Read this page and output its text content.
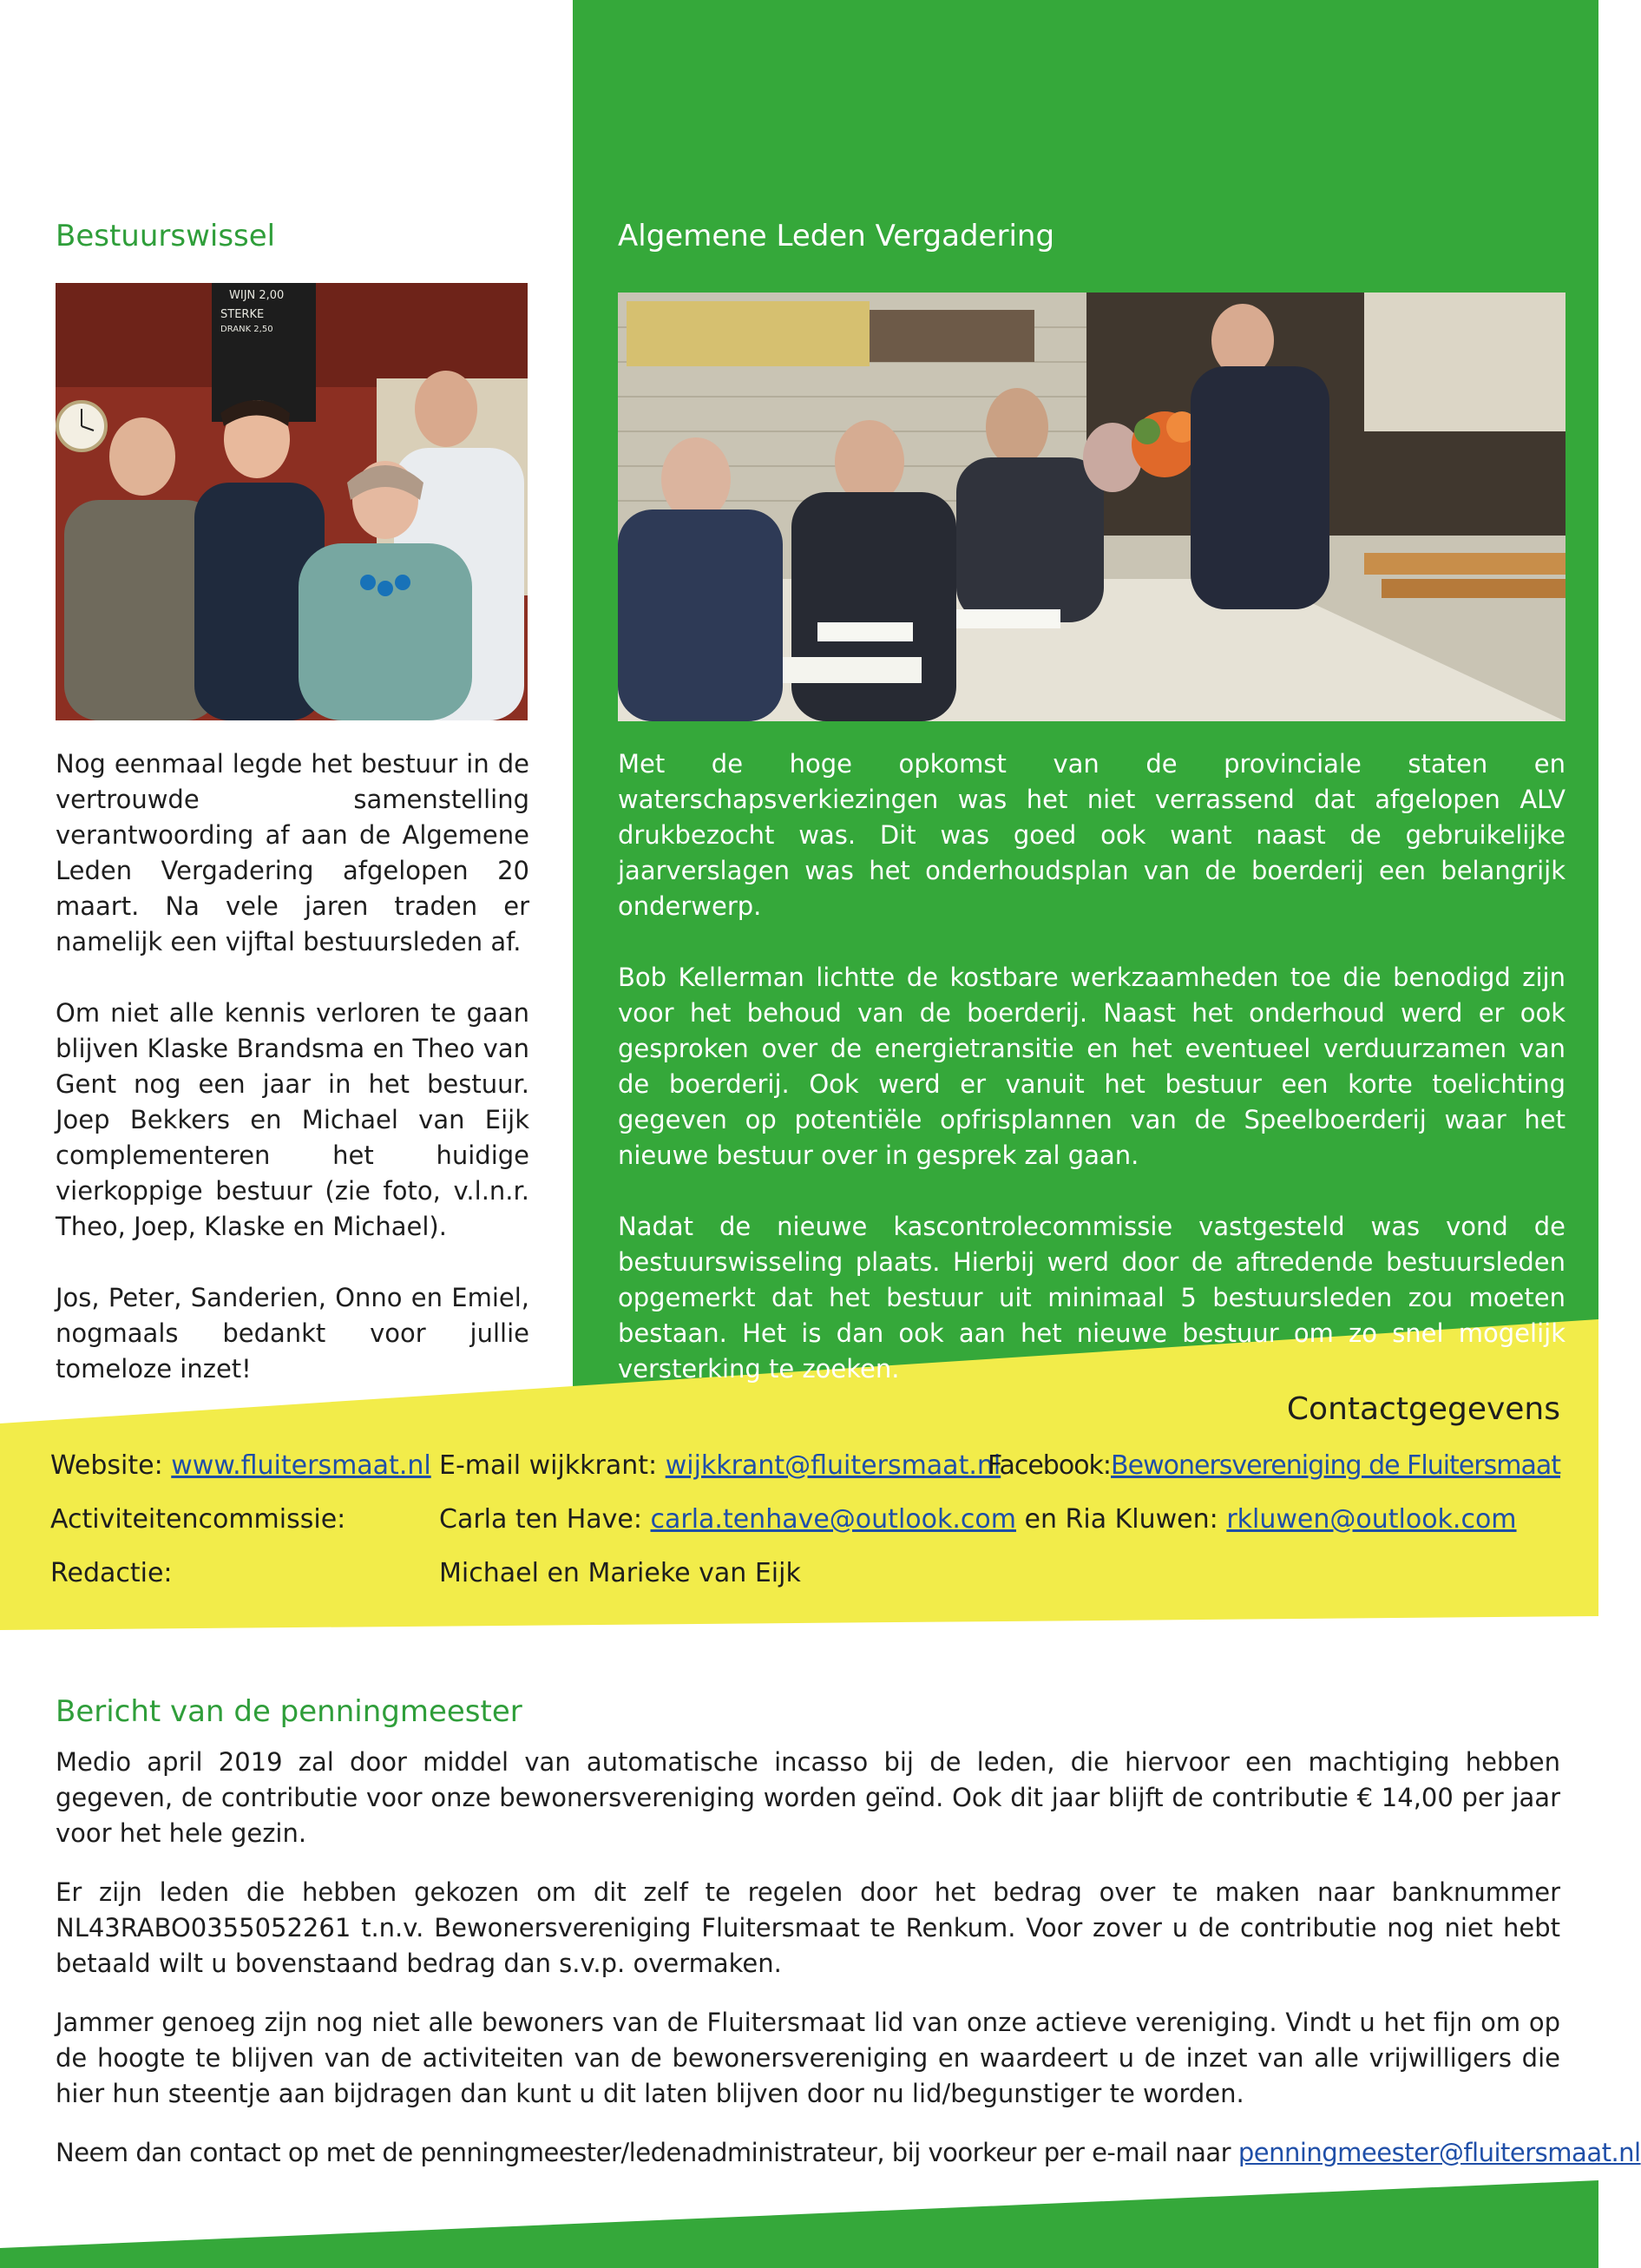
Bestuurswissel
WIJN 2,00
STERKE
DRANK 2,50

Nog eenmaal legde het bestuur in de vertrouwde samenstelling verantwoording af aan de Algemene Leden Vergadering afgelopen 20 maart. Na vele jaren traden er namelijk een vijftal bestuursleden af.

Om niet alle kennis verloren te gaan blijven Klaske Brandsma en Theo van Gent nog een jaar in het bestuur. Joep Bekkers en Michael van Eijk complementeren het huidige vierkoppige bestuur (zie foto, v.l.n.r. Theo, Joep, Klaske en Michael).

Jos, Peter, Sanderien, Onno en Emiel, nogmaals bedankt voor jullie tomeloze inzet!

Algemene Leden Vergadering

Met de hoge opkomst van de provinciale staten en waterschapsverkiezingen was het niet verrassend dat afgelopen ALV drukbezocht was. Dit was goed ook want naast de gebruikelijke jaarverslagen was het onderhoudsplan van de boerderij een belangrijk onderwerp.

Bob Kellerman lichtte de kostbare werkzaamheden toe die benodigd zijn voor het behoud van de boerderij. Naast het onderhoud werd er ook gesproken over de energietransitie en het eventueel verduurzamen van de boerderij. Ook werd er vanuit het bestuur een korte toelichting gegeven op potentiële opfrisplannen van de Speelboerderij waar het nieuwe bestuur over in gesprek zal gaan.

Nadat de nieuwe kascontrolecommissie vastgesteld was vond de bestuurswisseling plaats. Hierbij werd door de aftredende bestuursleden opgemerkt dat het bestuur uit minimaal 5 bestuursleden zou moeten bestaan. Het is dan ook aan het nieuwe bestuur om zo snel mogelijk versterking te zoeken.

Contactgegevens
Website: www.fluitersmaat.nl E-mail wijkkrant: wijkkrant@fluitersmaat.nl
Facebook:Bewonersvereniging de Fluitersmaat
Activiteitencommissie:	Carla ten Have: carla.tenhave@outlook.com en Ria Kluwen: rkluwen@outlook.com
Redactie:	Michael en Marieke van Eijk
Bericht van de penningmeester

Medio april 2019 zal door middel van automatische incasso bij de leden, die hiervoor een machtiging hebben gegeven, de contributie voor onze bewonersvereniging worden geïnd. Ook dit jaar blijft de contributie € 14,00 per jaar voor het hele gezin.

Er zijn leden die hebben gekozen om dit zelf te regelen door het bedrag over te maken naar banknummer NL43RABO0355052261 t.n.v. Bewonersvereniging Fluitersmaat te Renkum. Voor zover u de contributie nog niet hebt betaald wilt u bovenstaand bedrag dan s.v.p. overmaken.

Jammer genoeg zijn nog niet alle bewoners van de Fluitersmaat lid van onze actieve vereniging. Vindt u het fijn om op de hoogte te blijven van de activiteiten van de bewonersvereniging en waardeert u de inzet van alle vrijwilligers die hier hun steentje aan bijdragen dan kunt u dit laten blijven door nu lid/begunstiger te worden.

Neem dan contact op met de penningmeester/ledenadministrateur, bij voorkeur per e-mail naar penningmeester@fluitersmaat.nl
